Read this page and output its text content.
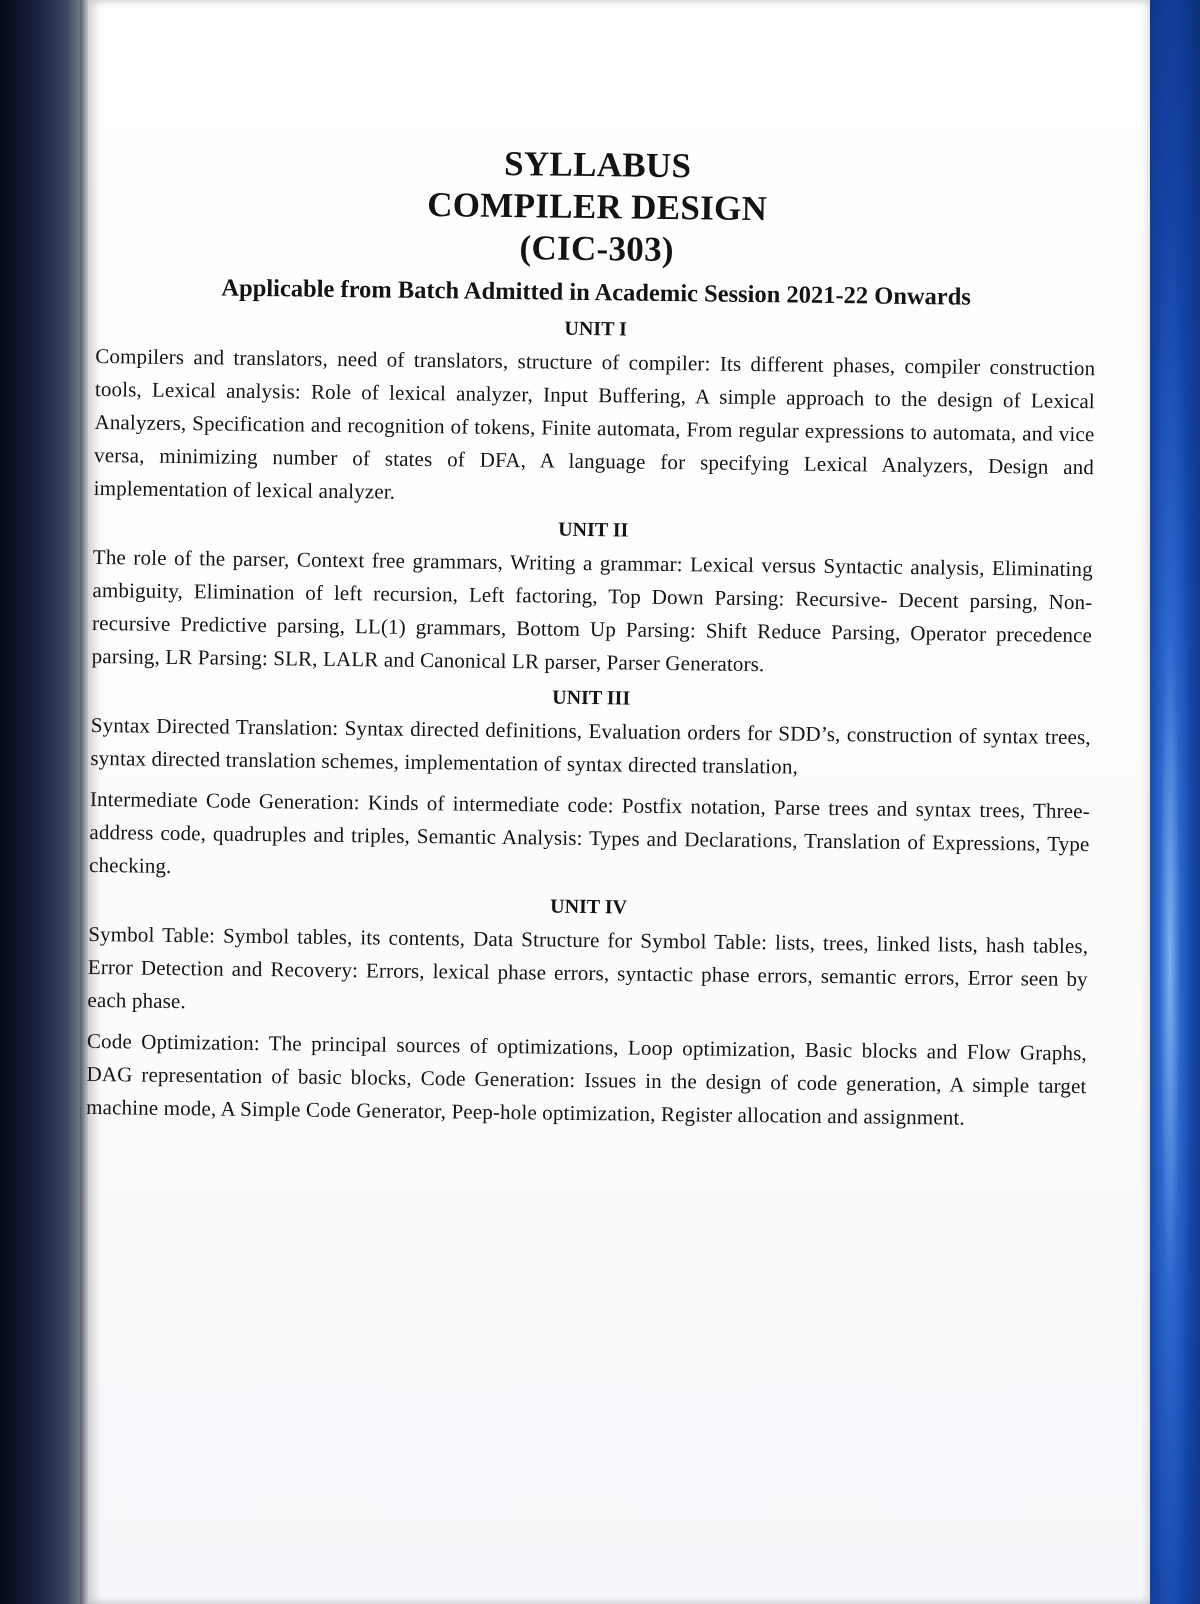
SYLLABUS

COMPILER DESIGN

(CIC-303)

Applicable from Batch Admitted in Academic Session 2021-22 Onwards

UNIT I

Compilers and translators, need of translators, structure of compiler: Its different phases, compiler construction tools, Lexical analysis: Role of lexical analyzer, Input Buffering, A simple approach to the design of Lexical Analyzers, Specification and recognition of tokens, Finite automata, From regular expressions to automata, and vice versa, minimizing number of states of DFA, A language for specifying Lexical Analyzers, Design and implementation of lexical analyzer.

UNIT II

The role of the parser, Context free grammars, Writing a grammar: Lexical versus Syntactic analysis, Eliminating ambiguity, Elimination of left recursion, Left factoring, Top Down Parsing: Recursive- Decent parsing, Non-recursive Predictive parsing, LL(1) grammars, Bottom Up Parsing: Shift Reduce Parsing, Operator precedence parsing, LR Parsing: SLR, LALR and Canonical LR parser, Parser Generators.

UNIT III

Syntax Directed Translation: Syntax directed definitions, Evaluation orders for SDD’s, construction of syntax trees, syntax directed translation schemes, implementation of syntax directed translation,

Intermediate Code Generation: Kinds of intermediate code: Postfix notation, Parse trees and syntax trees, Three-address code, quadruples and triples, Semantic Analysis: Types and Declarations, Translation of Expressions, Type checking.

UNIT IV

Symbol Table: Symbol tables, its contents, Data Structure for Symbol Table: lists, trees, linked lists, hash tables, Error Detection and Recovery: Errors, lexical phase errors, syntactic phase errors, semantic errors, Error seen by each phase.

Code Optimization: The principal sources of optimizations, Loop optimization, Basic blocks and Flow Graphs, DAG representation of basic blocks, Code Generation: Issues in the design of code generation, A simple target machine mode, A Simple Code Generator, Peep-hole optimization, Register allocation and assignment.
